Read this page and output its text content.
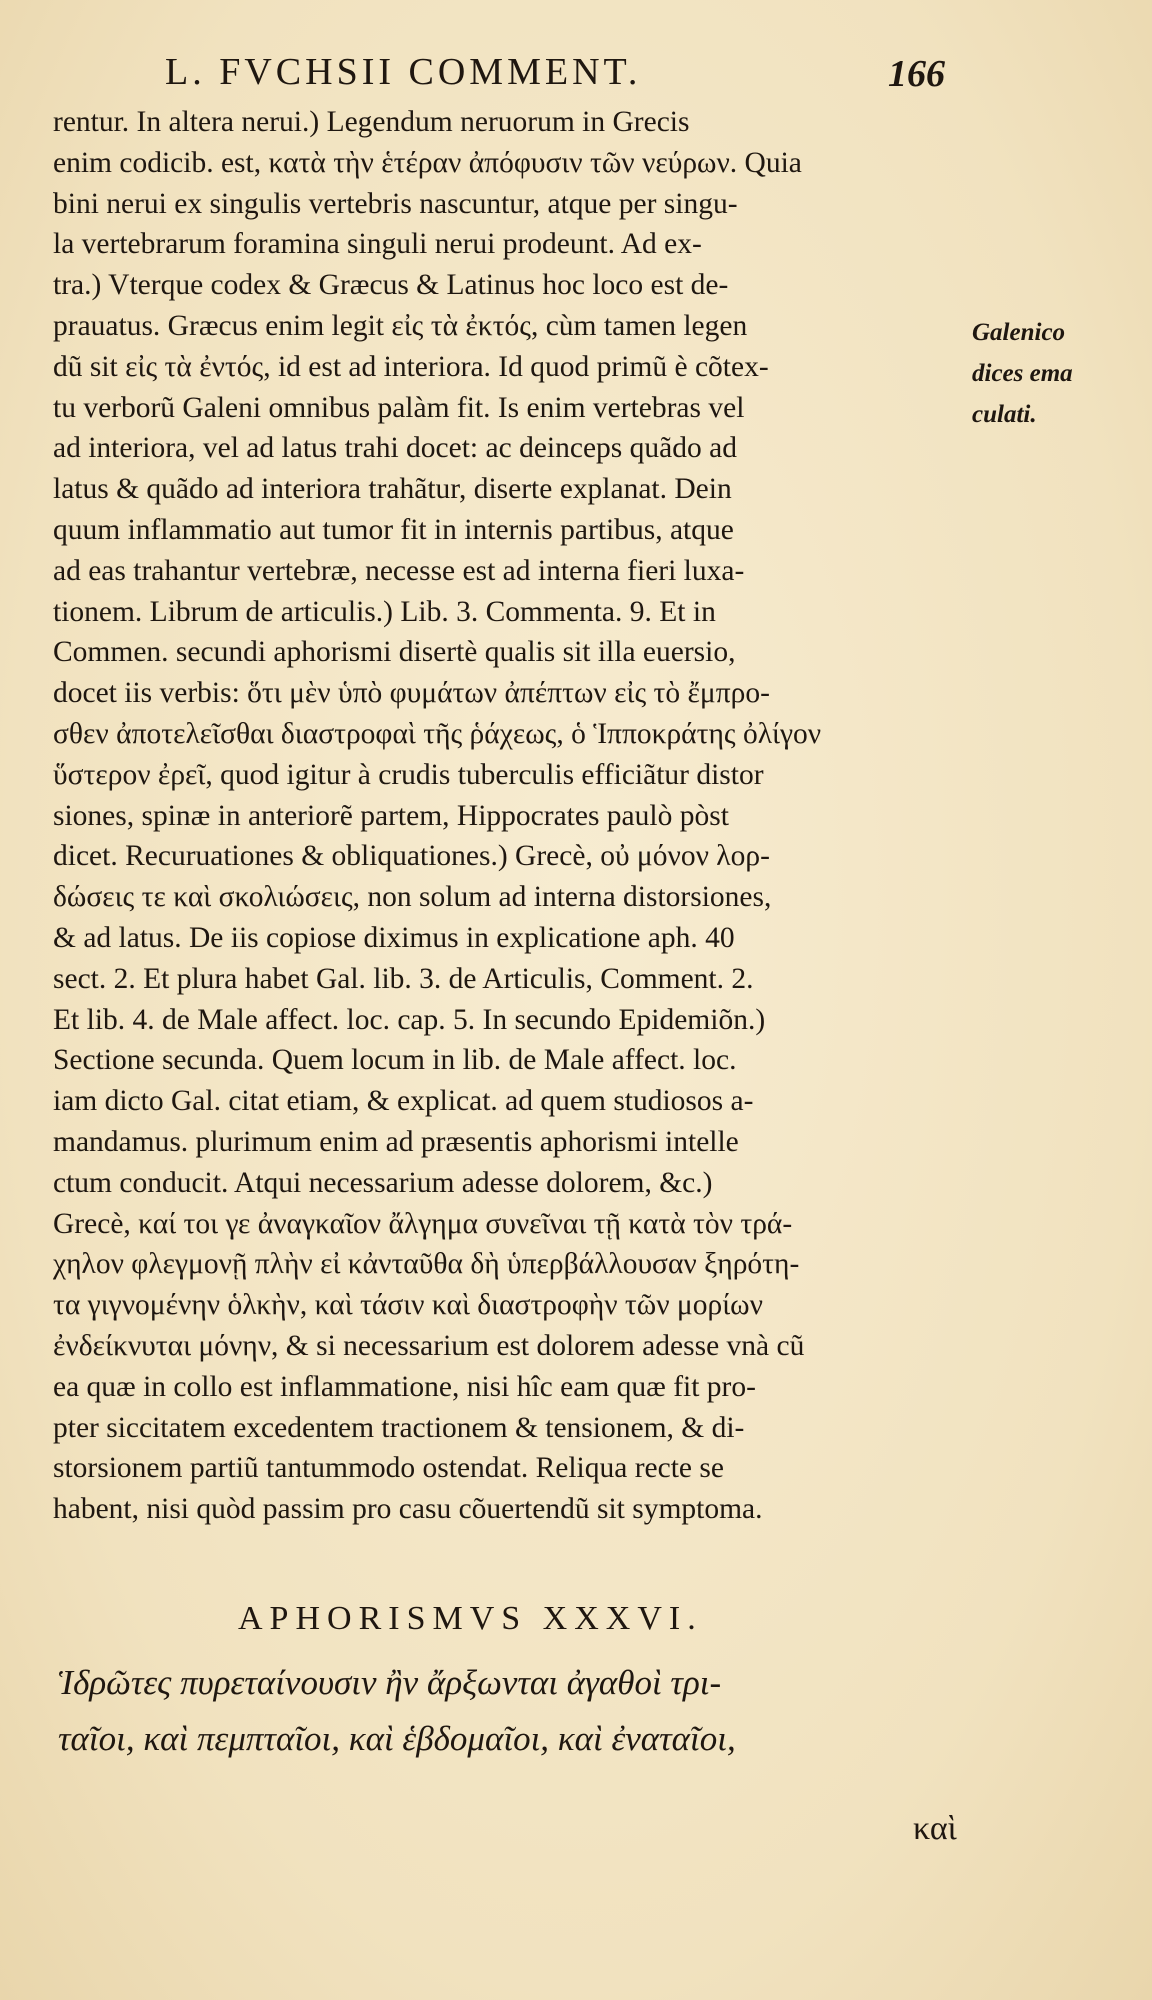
L. FVCHSII COMMENT.	166
rentur. In altera nerui.) Legendum neruorum in Grecis
enim codicib. est, κατὰ τὴν ἑτέραν ἀπόφυσιν τῶν νεύρων. Quia
bini nerui ex singulis vertebris nascuntur, atque per singu-
la vertebrarum foramina singuli nerui prodeunt. Ad ex-
tra.) Vterque codex & Græcus & Latinus hoc loco est de-
prauatus. Græcus enim legit εἰς τὰ ἐκτός, cùm tamen legen
dũ sit εἰς τὰ ἐντός, id est ad interiora. Id quod primũ è cõtex-
tu verborũ Galeni omnibus palàm fit. Is enim vertebras vel
ad interiora, vel ad latus trahi docet: ac deinceps quãdo ad
latus & quãdo ad interiora trahãtur, diserte explanat. Dein
quum inflammatio aut tumor fit in internis partibus, atque
ad eas trahantur vertebræ, necesse est ad interna fieri luxa-
tionem. Librum de articulis.) Lib. 3. Commenta. 9. Et in
Commen. secundi aphorismi disertè qualis sit illa euersio,
docet iis verbis: ὅτι μὲν ὑπὸ φυμάτων ἀπέπτων εἰς τὸ ἔμπρο-
σθεν ἀποτελεῖσθαι διαστροφαὶ τῆς ῥάχεως, ὁ Ἱπποκράτης ὀλίγον
ὕστερον ἐρεῖ, quod igitur à crudis tuberculis efficiãtur distor
siones, spinæ in anteriorẽ partem, Hippocrates paulò pòst
dicet. Recuruationes & obliquationes.) Grecè, οὐ μόνον λορ-
δώσεις τε καὶ σκολιώσεις, non solum ad interna distorsiones,
& ad latus. De iis copiose diximus in explicatione aph. 40
sect. 2. Et plura habet Gal. lib. 3. de Articulis, Comment. 2.
Et lib. 4. de Male affect. loc. cap. 5. In secundo Epidemiõn.)
Sectione secunda. Quem locum in lib. de Male affect. loc.
iam dicto Gal. citat etiam, & explicat. ad quem studiosos a-
mandamus. plurimum enim ad præsentis aphorismi intelle
ctum conducit. Atqui necessarium adesse dolorem, &c.)
Grecè, καί τοι γε ἀναγκαῖον ἄλγημα συνεῖναι τῇ κατὰ τὸν τρά-
χηλον φλεγμονῇ πλὴν εἰ κἀνταῦθα δὴ ὑπερβάλλουσαν ξηρότη-
τα γιγνομένην ὁλκὴν, καὶ τάσιν καὶ διαστροφὴν τῶν μορίων
ἐνδείκνυται μόνην, & si necessarium est dolorem adesse vnà cũ
ea quæ in collo est inflammatione, nisi hîc eam quæ fit pro-
pter siccitatem excedentem tractionem & tensionem, & di-
storsionem partiũ tantummodo ostendat. Reliqua recte se
habent, nisi quòd passim pro casu cõuertendũ sit symptoma.
Galenico
dices ema
culati.
APHORISMVS XXXVI.
Ἱδρῶτες πυρεταίνουσιν ἢν ἄρξωνται ἀγαθοὶ τρι-
ταῖοι, καὶ πεμπταῖοι, καὶ ἑβδομαῖοι, καὶ ἐναταῖοι,
καὶ
